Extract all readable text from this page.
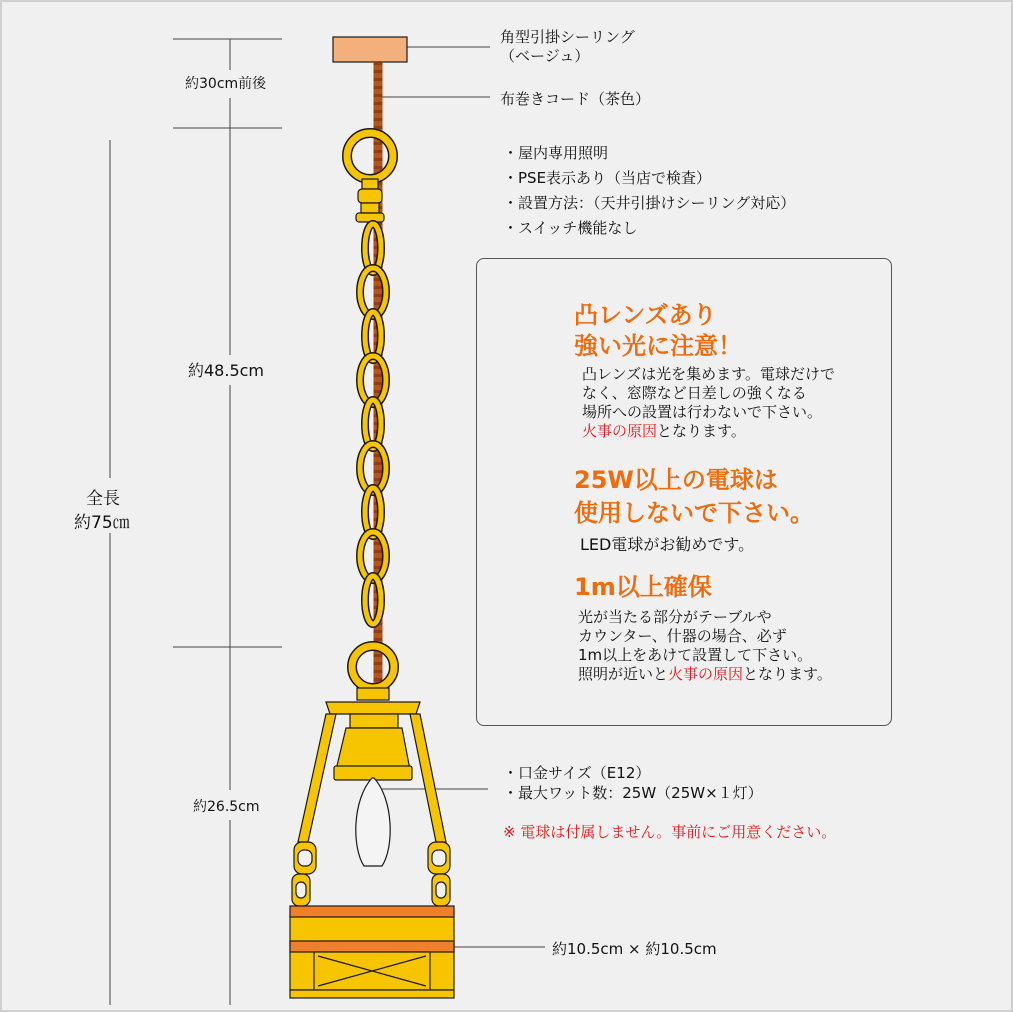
角型引掛シーリング
（ベージュ）
約30cm前後
布巻きコード（茶色）
・屋内専用照明
・PSE表示あり（当店で検査）
・設置方法：（天井引掛けシーリング対応）
・スイッチ機能なし
約48.5cm
全長
約75㎝
約26.5cm
約10.5cm × 約10.5cm
凸レンズあり
強い光に注意！
凸レンズは光を集めます。電球だけで
なく、窓際など日差しの強くなる
場所への設置は行わないで下さい。
火事の原因となります。
25W以上の電球は
使用しないで下さい。
LED電球がお勧めです。
1m以上確保
光が当たる部分がテーブルや
カウンター、什器の場合、必ず
1m以上をあけて設置して下さい。
照明が近いと火事の原因となります。
・口金サイズ（E12）
・最大ワット数：25W（25W×１灯）
※ 電球は付属しません。事前にご用意ください。
